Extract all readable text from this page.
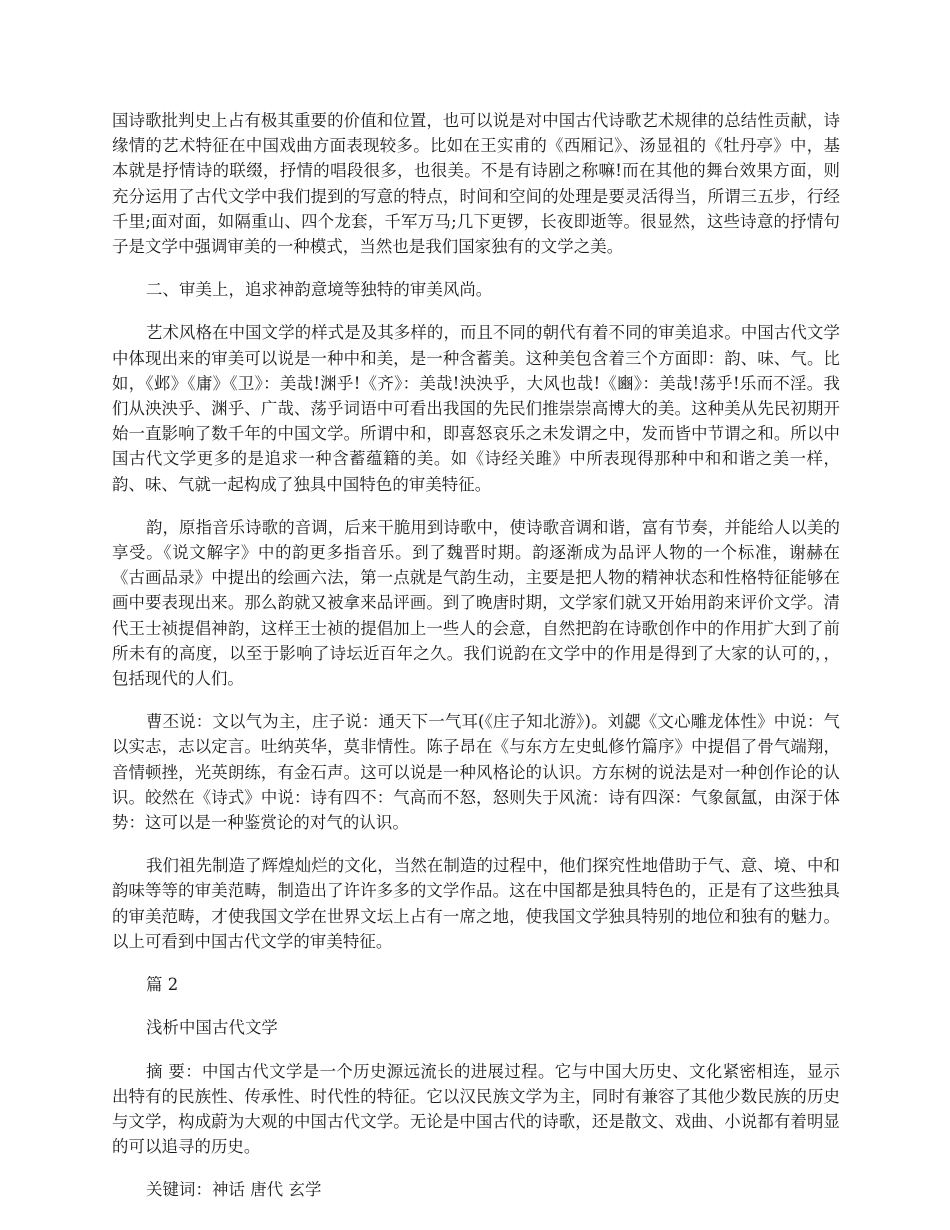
国诗歌批判史上占有极其重要的价值和位置，也可以说是对中国古代诗歌艺术规律的总结性贡献，诗缘情的艺术特征在中国戏曲方面表现较多。比如在王实甫的《西厢记》、汤显祖的《牡丹亭》中，基本就是抒情诗的联缀，抒情的唱段很多，也很美。不是有诗剧之称嘛!而在其他的舞台效果方面，则充分运用了古代文学中我们提到的写意的特点，时间和空间的处理是要灵活得当，所谓三五步，行经千里;面对面，如隔重山、四个龙套，千军万马;几下更锣，长夜即逝等。很显然，这些诗意的抒情句子是文学中强调审美的一种模式，当然也是我们国家独有的文学之美。

二、审美上，追求神韵意境等独特的审美风尚。

艺术风格在中国文学的样式是及其多样的，而且不同的朝代有着不同的审美追求。中国古代文学中体现出来的审美可以说是一种中和美，是一种含蓄美。这种美包含着三个方面即：韵、味、气。比如，《邺》《庸》《卫》：美哉!渊乎!《齐》：美哉!泱泱乎，大风也哉!《豳》：美哉!荡乎!乐而不淫。我们从泱泱乎、渊乎、广哉、荡乎词语中可看出我国的先民们推崇崇高博大的美。这种美从先民初期开始一直影响了数千年的中国文学。所谓中和，即喜怒哀乐之未发谓之中，发而皆中节谓之和。所以中国古代文学更多的是追求一种含蓄蕴籍的美。如《诗经关雎》中所表现得那种中和和谐之美一样，韵、味、气就一起构成了独具中国特色的审美特征。

韵，原指音乐诗歌的音调，后来干脆用到诗歌中，使诗歌音调和谐，富有节奏，并能给人以美的享受。《说文解字》中的韵更多指音乐。到了魏晋时期。韵逐渐成为品评人物的一个标准，谢赫在《古画品录》中提出的绘画六法，第一点就是气韵生动，主要是把人物的精神状态和性格特征能够在画中要表现出来。那么韵就又被拿来品评画。到了晚唐时期，文学家们就又开始用韵来评价文学。清代王士祯提倡神韵，这样王士祯的提倡加上一些人的会意，自然把韵在诗歌创作中的作用扩大到了前所未有的高度，以至于影响了诗坛近百年之久。我们说韵在文学中的作用是得到了大家的认可的，，包括现代的人们。

曹丕说：文以气为主，庄子说：通天下一气耳(《庄子知北游》)。刘勰《文心雕龙体性》中说：气以实志，志以定言。吐纳英华，莫非情性。陈子昂在《与东方左史虬修竹篇序》中提倡了骨气端翔，音情顿挫，光英朗练，有金石声。这可以说是一种风格论的认识。方东树的说法是对一种创作论的认识。皎然在《诗式》中说：诗有四不：气高而不怒，怒则失于风流：诗有四深：气象氤氲，由深于体势：这可以是一种鉴赏论的对气的认识。

我们祖先制造了辉煌灿烂的文化，当然在制造的过程中，他们探究性地借助于气、意、境、中和韵味等等的审美范畴，制造出了许许多多的文学作品。这在中国都是独具特色的，正是有了这些独具的审美范畴，才使我国文学在世界文坛上占有一席之地，使我国文学独具特别的地位和独有的魅力。以上可看到中国古代文学的审美特征。

篇 2

浅析中国古代文学

摘 要：中国古代文学是一个历史源远流长的进展过程。它与中国大历史、文化紧密相连，显示出特有的民族性、传承性、时代性的特征。它以汉民族文学为主，同时有兼容了其他少数民族的历史与文学，构成蔚为大观的中国古代文学。无论是中国古代的诗歌，还是散文、戏曲、小说都有着明显的可以追寻的历史。

关键词：神话 唐代 玄学
